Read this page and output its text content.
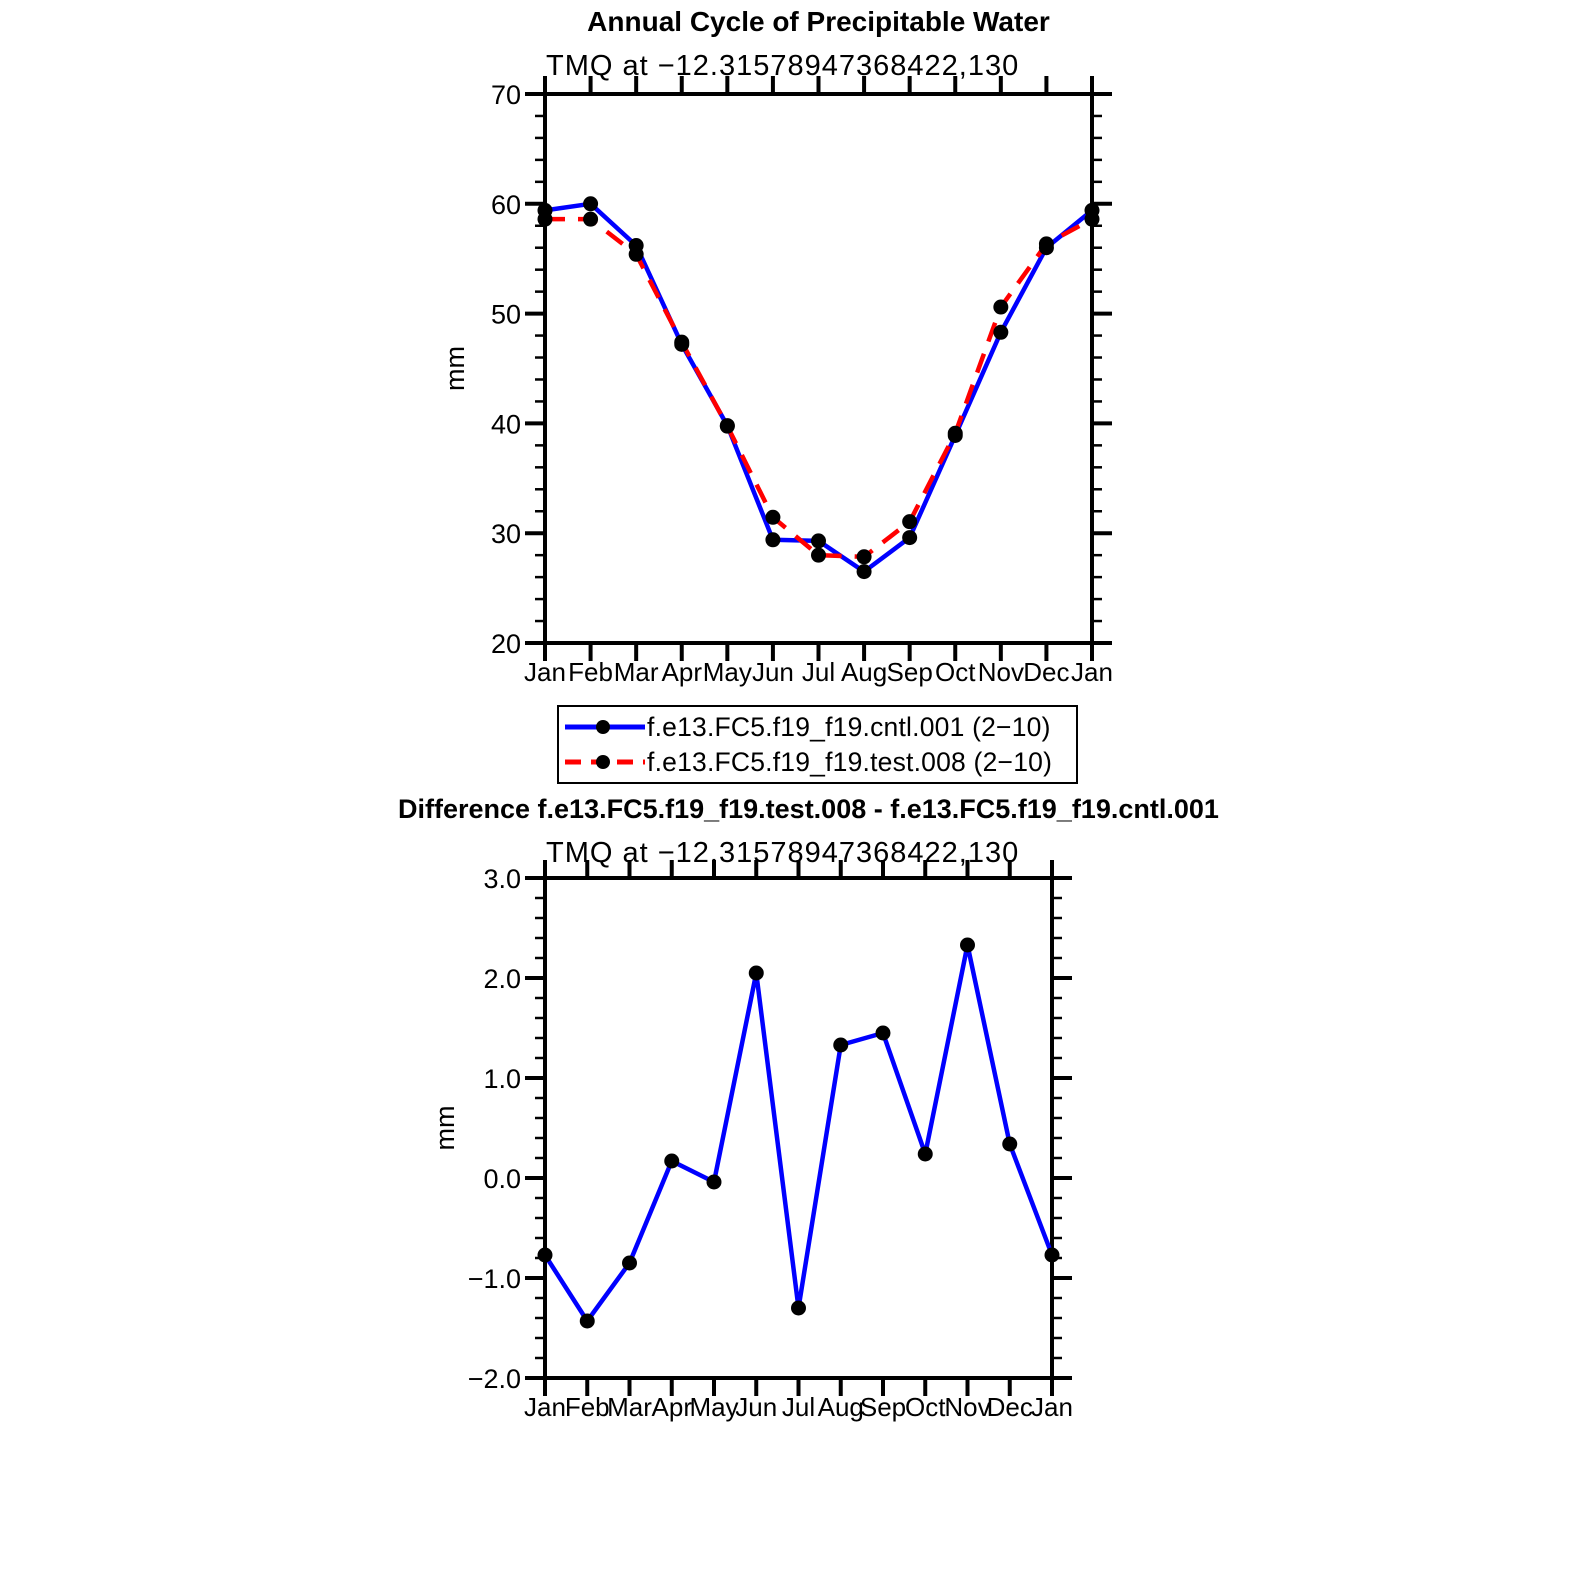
Annual Cycle of Precipitable Water
TMQ at −12.31578947368422,130
Difference f.e13.FC5.f19_f19.test.008 - f.e13.FC5.f19_f19.cntl.001
TMQ at −12.31578947368422,130
20
30
40
50
60
70
Jan Feb Mar Apr May Jun Jul Aug Sep Oct Nov Dec Jan
mm
−2.0
−1.0
0.0
1.0
2.0
3.0
Jan
Feb
Mar Apr
May
Jun Jul Aug
Sep
Oct
Nov
Dec
Jan
mm
f.e13.FC5.f19_f19.cntl.001 (2−10)
f.e13.FC5.f19_f19.test.008 (2−10)
